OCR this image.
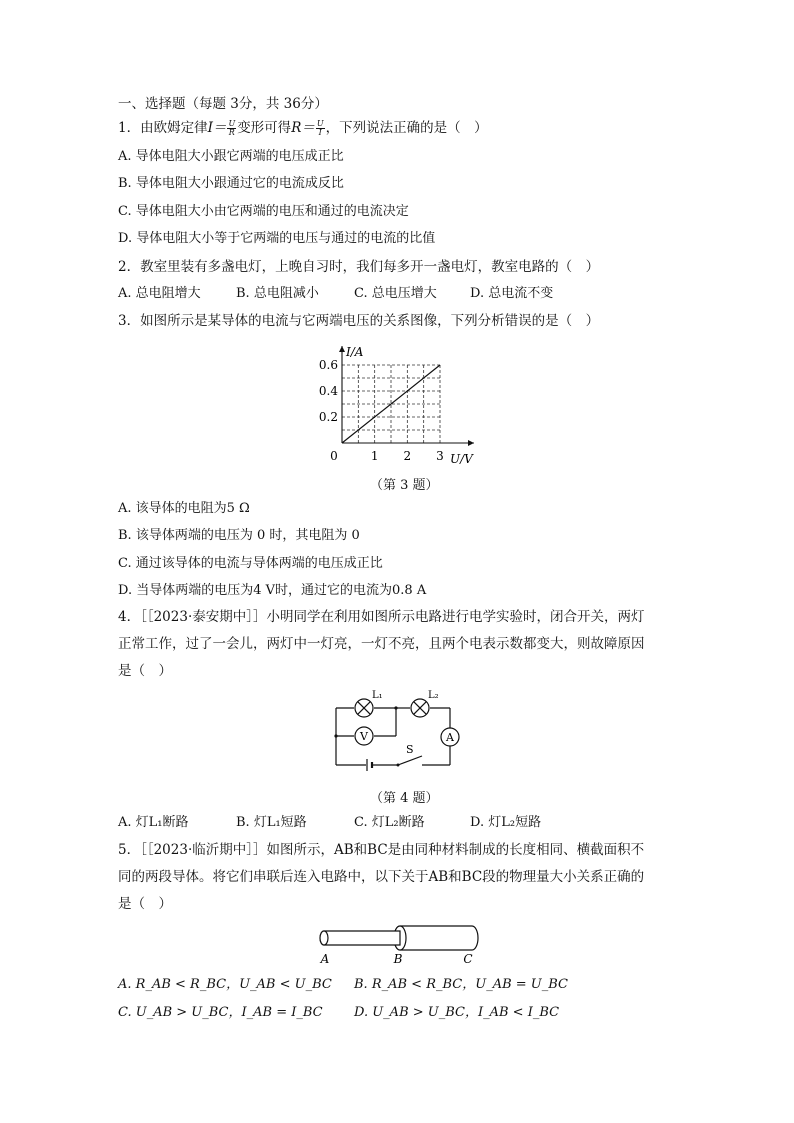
一、选择题（每题 3分，共 36分）
1．由欧姆定律$I= \frac{U}{R}$ 变形可得$R= \frac{U}{I}$ ，下列说法正确的是（　）
A. 导体电阻大小跟它两端的电压成正比
B. 导体电阻大小跟通过它的电流成反比
C. 导体电阻大小由它两端的电压和通过的电流决定
D. 导体电阻大小等于它两端的电压与通过的电流的比值
2．教室里装有多盏电灯，上晚自习时，我们每多开一盏电灯，教室电路的（　）
A. 总电阻增大	B. 总电阻减小	C. 总电压增大	D. 总电流不变
3．如图所示是某导体的电流与它两端电压的关系图像，下列分析错误的是（　）
0	1 2 3
0.2
0.4
0.6
U/V
I/A
（第 3 题）
A. 该导体的电阻为5 Ω
B. 该导体两端的电压为 0 时，其电阻为 0
C. 通过该导体的电流与导体两端的电压成正比
D. 当导体两端的电压为4 V时，通过它的电流为0.8 A
4．［［2023·泰安期中］］小明同学在利用如图所示电路进行电学实验时，闭合开关，两灯
正常工作，过了一会儿，两灯中一灯亮，一灯不亮，且两个电表示数都变大，则故障原因
是（　）
V	A
S
L₁	L₂
（第 4 题）
A. 灯L₁断路	B. 灯L₁短路	C. 灯L₂断路	D. 灯L₂短路
5．［［2023·临沂期中］］如图所示，AB和BC是由同种材料制成的长度相同、横截面积不
同的两段导体。将它们串联后连入电路中，以下关于AB和BC段的物理量大小关系正确的
是（　）
A	B	C
A. R_AB < R_BC，U_AB < U_BC B. R_AB < R_BC，U_AB = U_BC
C. U_AB > U_BC，I_AB = I_BC D. U_AB > U_BC，I_AB < I_BC
